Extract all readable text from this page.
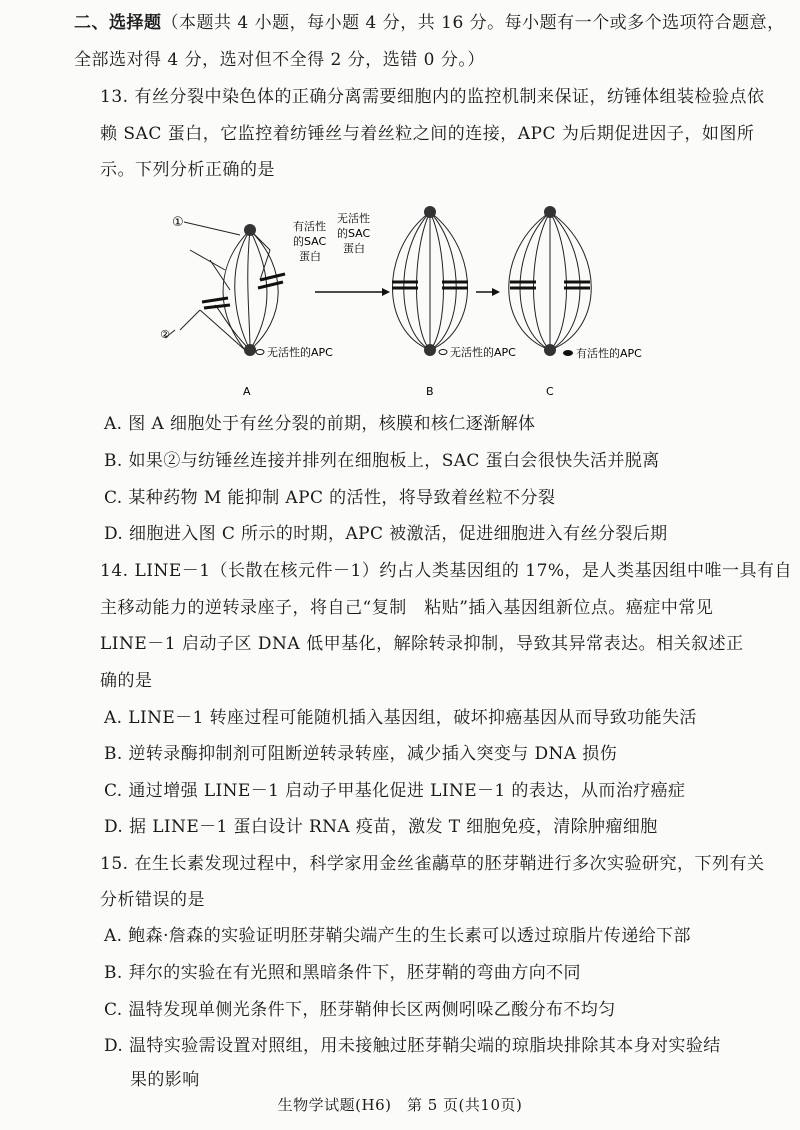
二、选择题（本题共 4 小题，每小题 4 分，共 16 分。每小题有一个或多个选项符合题意，
全部选对得 4 分，选对但不全得 2 分，选错 0 分。）
13. 有丝分裂中染色体的正确分离需要细胞内的监控机制来保证，纺锤体组装检验点依
赖 SAC 蛋白，它监控着纺锤丝与着丝粒之间的连接，APC 为后期促进因子，如图所
示。下列分析正确的是
①
②
有活性
的SAC
蛋白
无活性的APC
A
无活性
的SAC
蛋白
无活性的APC
B
有活性的APC
C
A. 图 A 细胞处于有丝分裂的前期，核膜和核仁逐渐解体
B. 如果②与纺锤丝连接并排列在细胞板上，SAC 蛋白会很快失活并脱离
C. 某种药物 M 能抑制 APC 的活性，将导致着丝粒不分裂
D. 细胞进入图 C 所示的时期，APC 被激活，促进细胞进入有丝分裂后期
14. LINE－1（长散在核元件－1）约占人类基因组的 17%，是人类基因组中唯一具有自
主移动能力的逆转录座子，将自己“复制　粘贴”插入基因组新位点。癌症中常见
LINE－1 启动子区 DNA 低甲基化，解除转录抑制，导致其异常表达。相关叙述正
确的是
A. LINE－1 转座过程可能随机插入基因组，破坏抑癌基因从而导致功能失活
B. 逆转录酶抑制剂可阻断逆转录转座，减少插入突变与 DNA 损伤
C. 通过增强 LINE－1 启动子甲基化促进 LINE－1 的表达，从而治疗癌症
D. 据 LINE－1 蛋白设计 RNA 疫苗，激发 T 细胞免疫，清除肿瘤细胞
15. 在生长素发现过程中，科学家用金丝雀虉草的胚芽鞘进行多次实验研究，下列有关
分析错误的是
A. 鲍森·詹森的实验证明胚芽鞘尖端产生的生长素可以透过琼脂片传递给下部
B. 拜尔的实验在有光照和黑暗条件下，胚芽鞘的弯曲方向不同
C. 温特发现单侧光条件下，胚芽鞘伸长区两侧吲哚乙酸分布不均匀
D. 温特实验需设置对照组，用未接触过胚芽鞘尖端的琼脂块排除其本身对实验结
果的影响
生物学试题(H6)　第 5 页(共10页)
